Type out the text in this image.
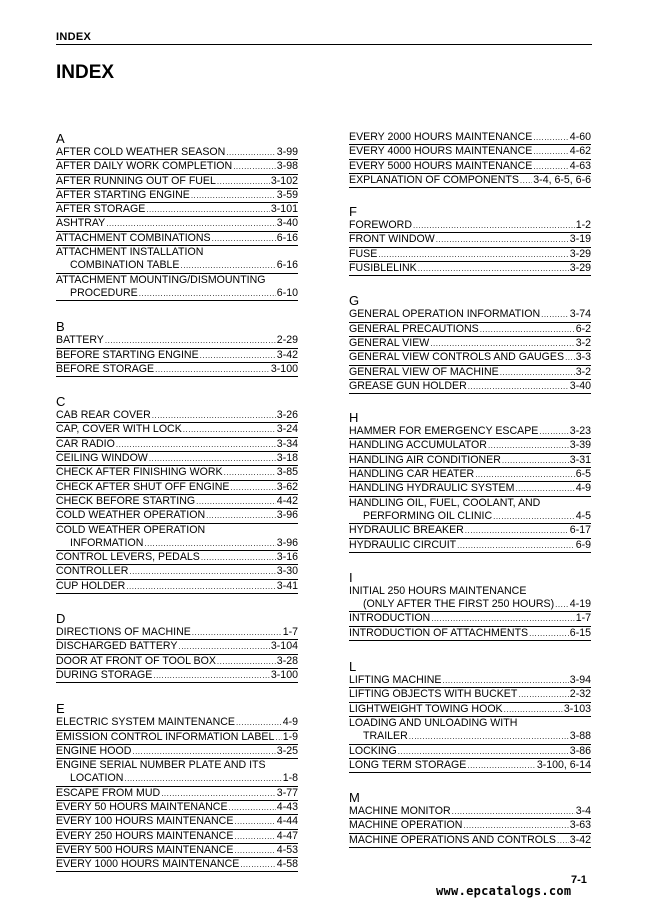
INDEX
INDEX
A
AFTER COLD WEATHER SEASON .....	3-99
AFTER DAILY WORK COMPLETION .....	3-98
AFTER RUNNING OUT OF FUEL .....	3-102
AFTER STARTING ENGINE .....	3-59
AFTER STORAGE .....	3-101
ASHTRAY .....	3-40
ATTACHMENT COMBINATIONS .....	6-16
ATTACHMENT INSTALLATION
COMBINATION TABLE .....	6-16
ATTACHMENT MOUNTING/DISMOUNTING
PROCEDURE .....	6-10
B
BATTERY .....	2-29
BEFORE STARTING ENGINE .....	3-42
BEFORE STORAGE .....	3-100
C
CAB REAR COVER .....	3-26
CAP, COVER WITH LOCK .....	3-24
CAR RADIO .....	3-34
CEILING WINDOW .....	3-18
CHECK AFTER FINISHING WORK .....	3-85
CHECK AFTER SHUT OFF ENGINE .....	3-62
CHECK BEFORE STARTING .....	4-42
COLD WEATHER OPERATION .....	3-96
COLD WEATHER OPERATION
INFORMATION .....	3-96
CONTROL LEVERS, PEDALS .....	3-16
CONTROLLER .....	3-30
CUP HOLDER .....	3-41
D
DIRECTIONS OF MACHINE .....	1-7
DISCHARGED BATTERY .....	3-104
DOOR AT FRONT OF TOOL BOX .....	3-28
DURING STORAGE .....	3-100
E
ELECTRIC SYSTEM MAINTENANCE .....	4-9
EMISSION CONTROL INFORMATION LABEL ..... 1-9
ENGINE HOOD .....	3-25
ENGINE SERIAL NUMBER PLATE AND ITS
LOCATION .....	1-8
ESCAPE FROM MUD .....	3-77
EVERY 50 HOURS MAINTENANCE .....	4-43
EVERY 100 HOURS MAINTENANCE .....	4-44
EVERY 250 HOURS MAINTENANCE .....	4-47
EVERY 500 HOURS MAINTENANCE .....	4-53
EVERY 1000 HOURS MAINTENANCE .....	4-58
EVERY 2000 HOURS MAINTENANCE .....	4-60
EVERY 4000 HOURS MAINTENANCE .....	4-62
EVERY 5000 HOURS MAINTENANCE .....	4-63
EXPLANATION OF COMPONENTS ..... 3-4, 6-5, 6-6
F
FOREWORD .....	1-2
FRONT WINDOW .....	3-19
FUSE .....	3-29
FUSIBLELINK .....	3-29
G
GENERAL OPERATION INFORMATION .....	3-74
GENERAL PRECAUTIONS .....	6-2
GENERAL VIEW .....	3-2
GENERAL VIEW CONTROLS AND GAUGES ..... 3-3
GENERAL VIEW OF MACHINE .....	3-2
GREASE GUN HOLDER .....	3-40
H
HAMMER FOR EMERGENCY ESCAPE .....	3-23
HANDLING ACCUMULATOR .....	3-39
HANDLING AIR CONDITIONER .....	3-31
HANDLING CAR HEATER .....	6-5
HANDLING HYDRAULIC SYSTEM .....	4-9
HANDLING OIL, FUEL, COOLANT, AND
PERFORMING OIL CLINIC .....	4-5
HYDRAULIC BREAKER .....	6-17
HYDRAULIC CIRCUIT .....	6-9
I
INITIAL 250 HOURS MAINTENANCE
(ONLY AFTER THE FIRST 250 HOURS) ..... 4-19
INTRODUCTION .....	1-7
INTRODUCTION OF ATTACHMENTS .....	6-15
L
LIFTING MACHINE .....	3-94
LIFTING OBJECTS WITH BUCKET .....	2-32
LIGHTWEIGHT TOWING HOOK .....	3-103
LOADING AND UNLOADING WITH
TRAILER .....	3-88
LOCKING .....	3-86
LONG TERM STORAGE .....	3-100, 6-14
M
MACHINE MONITOR .....	3-4
MACHINE OPERATION .....	3-63
MACHINE OPERATIONS AND CONTROLS ..... 3-42
www.epcatalogs.com
7-1
